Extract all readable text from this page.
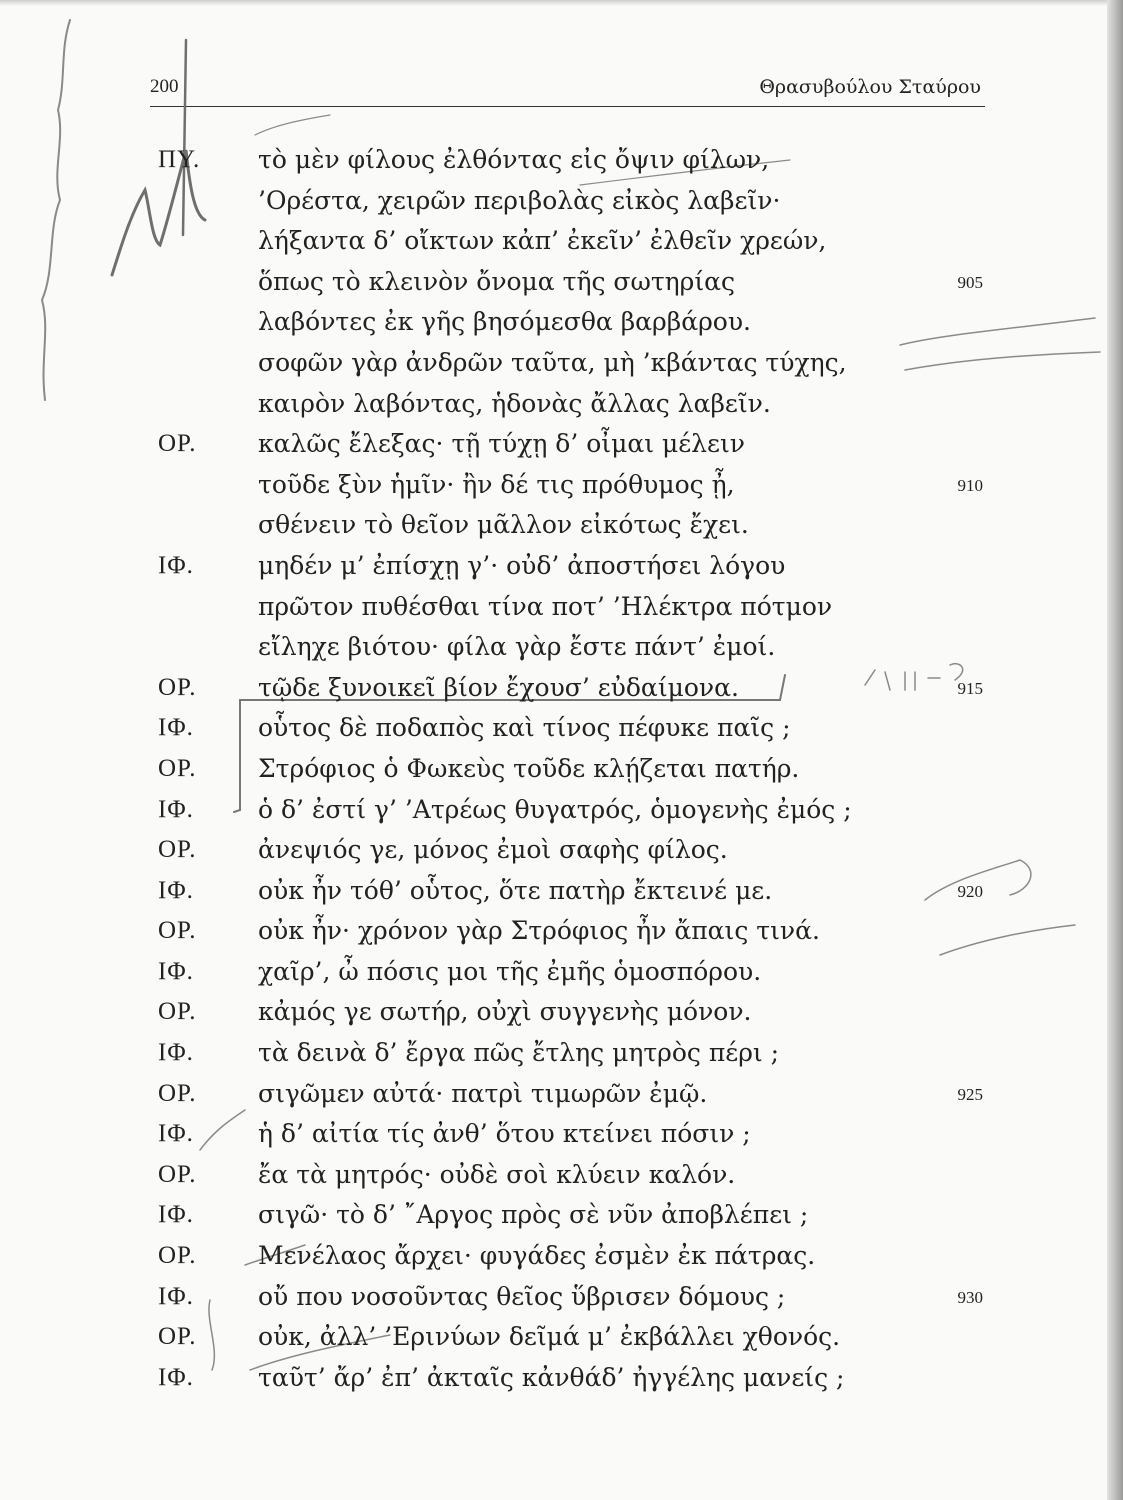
200	Θρασυβούλου Σταύρου
ΠΥ. τὸ μὲν φίλους ἐλθόντας εἰς ὄψιν φίλων,
’Ορέστα, χειρῶν περιβολὰς εἰκὸς λαβεῖν·
λήξαντα δ’ οἴκτων κἀπ’ ἐκεῖν’ ἐλθεῖν χρεών,
ὅπως τὸ κλεινὸν ὄνομα τῆς σωτηρίας	905
λαβόντες ἐκ γῆς βησόμεσθα βαρβάρου.
σοφῶν γὰρ ἀνδρῶν ταῦτα, μὴ ’κβάντας τύχης,
καιρὸν λαβόντας, ἡδονὰς ἄλλας λαβεῖν.
ΟΡ. καλῶς ἔλεξας· τῇ τύχῃ δ’ οἶμαι μέλειν
τοῦδε ξὺν ἡμῖν· ἢν δέ τις πρόθυμος ᾖ,	910
σθένειν τὸ θεῖον μᾶλλον εἰκότως ἔχει.
ΙΦ.	μηδέν μ’ ἐπίσχῃ γ’· οὐδ’ ἀποστήσει λόγου
πρῶτον πυθέσθαι τίνα ποτ’ ’Ηλέκτρα πότμον
εἴληχε βιότου· φίλα γὰρ ἔστε πάντ’ ἐμοί.
ΟΡ. τῷδε ξυνοικεῖ βίον ἔχουσ’ εὐδαίμονα.	915
ΙΦ.	οὗτος δὲ ποδαπὸς καὶ τίνος πέφυκε παῖς ;
ΟΡ. Στρόφιος ὁ Φωκεὺς τοῦδε κλῄζεται πατήρ.
ΙΦ.	ὁ δ’ ἐστί γ’ ’Ατρέως θυγατρός, ὁμογενὴς ἐμός ;
ΟΡ. ἀνεψιός γε, μόνος ἐμοὶ σαφὴς φίλος.
ΙΦ.	οὐκ ἦν τόθ’ οὗτος, ὅτε πατὴρ ἔκτεινέ με.	920
ΟΡ. οὐκ ἦν· χρόνον γὰρ Στρόφιος ἦν ἄπαις τινά.
ΙΦ.	χαῖρ’, ὦ πόσις μοι τῆς ἐμῆς ὁμοσπόρου.
ΟΡ. κἀμός γε σωτήρ, οὐχὶ συγγενὴς μόνον.
ΙΦ.	τὰ δεινὰ δ’ ἔργα πῶς ἔτλης μητρὸς πέρι ;
ΟΡ. σιγῶμεν αὐτά· πατρὶ τιμωρῶν ἐμῷ.	925
ΙΦ.	ἡ δ’ αἰτία τίς ἀνθ’ ὅτου κτείνει πόσιν ;
ΟΡ. ἔα τὰ μητρός· οὐδὲ σοὶ κλύειν καλόν.
ΙΦ.	σιγῶ· τὸ δ’ ῎Αργος πρὸς σὲ νῦν ἀποβλέπει ;
ΟΡ. Μενέλαος ἄρχει· φυγάδες ἐσμὲν ἐκ πάτρας.
ΙΦ.	οὔ που νοσοῦντας θεῖος ὕβρισεν δόμους ;	930
ΟΡ. οὐκ, ἀλλ’ ’Ερινύων δεῖμά μ’ ἐκβάλλει χθονός.
ΙΦ.	ταῦτ’ ἄρ’ ἐπ’ ἀκταῖς κἀνθάδ’ ἠγγέλης μανείς ;
